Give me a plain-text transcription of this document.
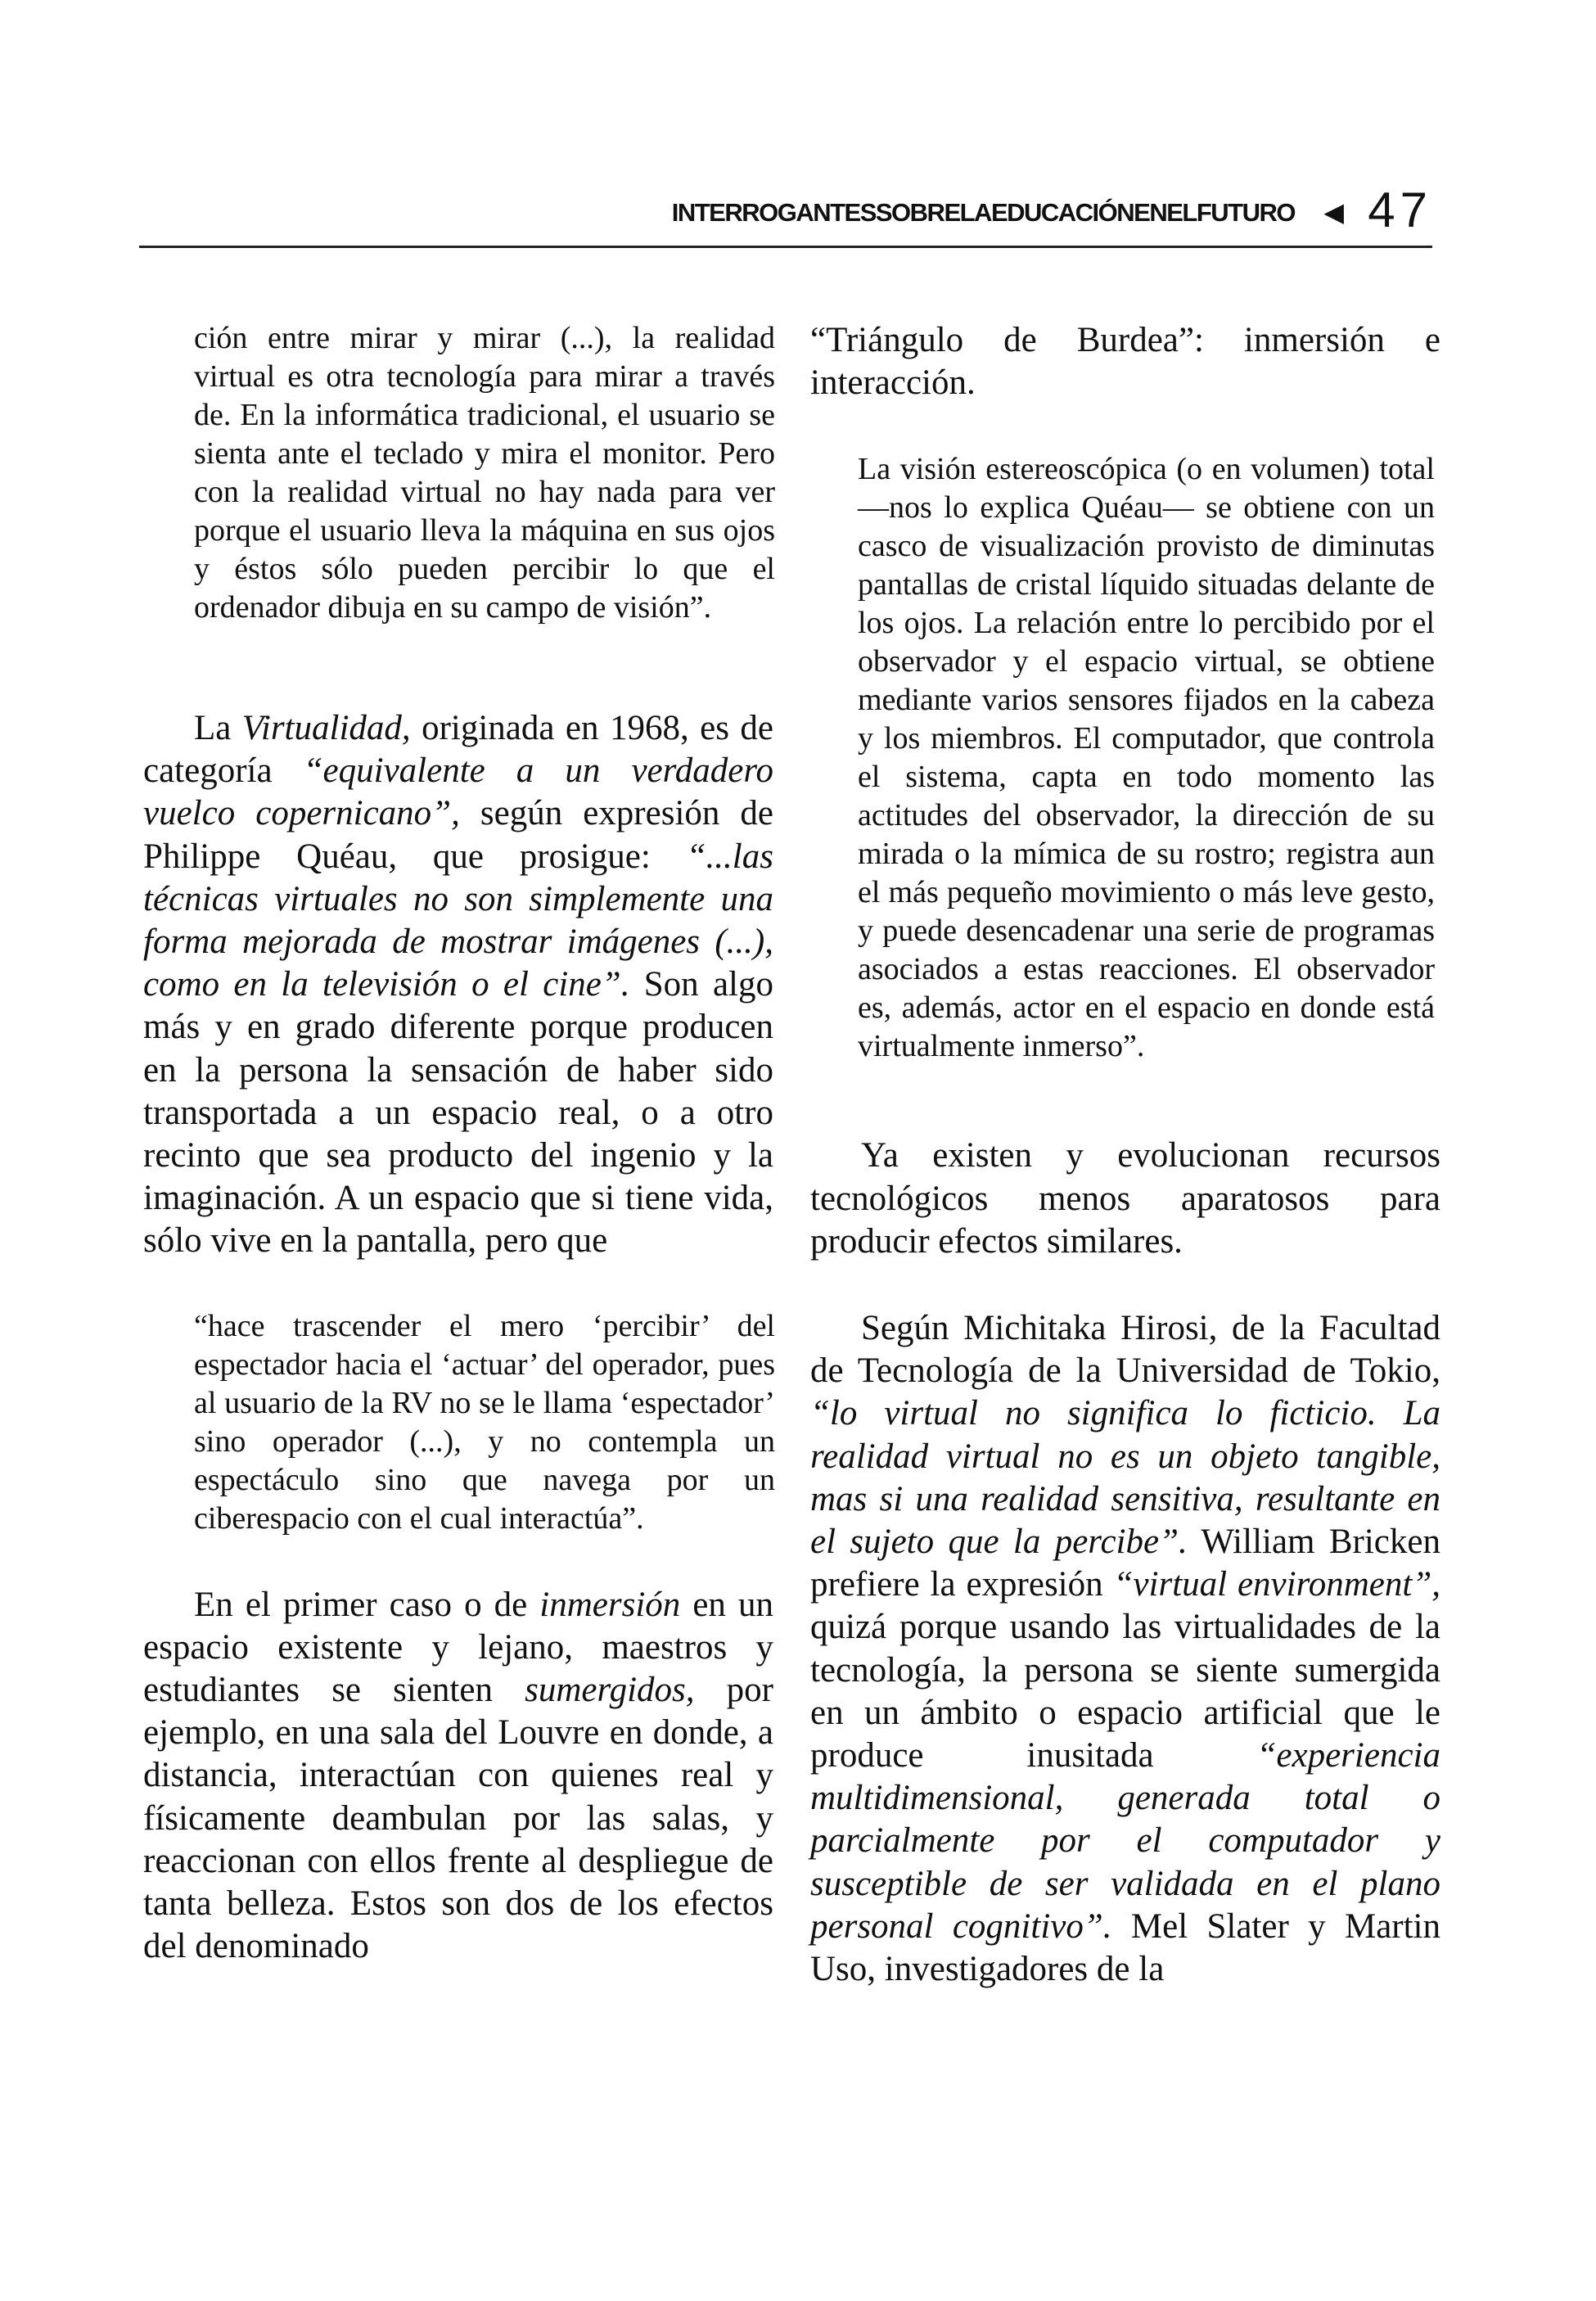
INTERROGANTESSOBRELAEDUCACIÓNENELFUTURO ◀ 47

ción entre mirar y mirar (...), la realidad virtual es otra tecnología para mirar a través de. En la informática tradicional, el usuario se sienta ante el teclado y mira el monitor. Pero con la realidad virtual no hay nada para ver porque el usuario lleva la máquina en sus ojos y éstos sólo pueden percibir lo que el ordenador dibuja en su campo de visión”.

La Virtualidad, originada en 1968, es de categoría “equivalente a un verdadero vuelco copernicano”, según expresión de Philippe Quéau, que prosigue: “...las técnicas virtuales no son simplemente una forma mejorada de mostrar imágenes (...), como en la televisión o el cine”. Son algo más y en grado diferente porque producen en la persona la sensación de haber sido transportada a un espacio real, o a otro recinto que sea producto del ingenio y la imaginación. A un espacio que si tiene vida, sólo vive en la pantalla, pero que

“hace trascender el mero ‘percibir’ del espectador hacia el ‘actuar’ del operador, pues al usuario de la RV no se le llama ‘espectador’ sino operador (...), y no contempla un espectáculo sino que navega por un ciberespacio con el cual interactúa”.

En el primer caso o de inmersión en un espacio existente y lejano, maestros y estudiantes se sienten sumergidos, por ejemplo, en una sala del Louvre en donde, a distancia, interactúan con quienes real y físicamente deambulan por las salas, y reaccionan con ellos frente al despliegue de tanta belleza. Estos son dos de los efectos del denominado

“Triángulo de Burdea”: inmersión e interacción.

La visión estereoscópica (o en volumen) total —nos lo explica Quéau— se obtiene con un casco de visualización provisto de diminutas pantallas de cristal líquido situadas delante de los ojos. La relación entre lo percibido por el observador y el espacio virtual, se obtiene mediante varios sensores fijados en la cabeza y los miembros. El computador, que controla el sistema, capta en todo momento las actitudes del observador, la dirección de su mirada o la mímica de su rostro; registra aun el más pequeño movimiento o más leve gesto, y puede desencadenar una serie de programas asociados a estas reacciones. El observador es, además, actor en el espacio en donde está virtualmente inmerso”.

Ya existen y evolucionan recursos tecnológicos menos aparatosos para producir efectos similares.

Según Michitaka Hirosi, de la Facultad de Tecnología de la Universidad de Tokio, “lo virtual no significa lo ficticio. La realidad virtual no es un objeto tangible, mas si una realidad sensitiva, resultante en el sujeto que la percibe”. William Bricken prefiere la expresión “virtual environment”, quizá porque usando las virtualidades de la tecnología, la persona se siente sumergida en un ámbito o espacio artificial que le produce inusitada “experiencia multidimensional, generada total o parcialmente por el computador y susceptible de ser validada en el plano personal cognitivo”. Mel Slater y Martin Uso, investigadores de la
